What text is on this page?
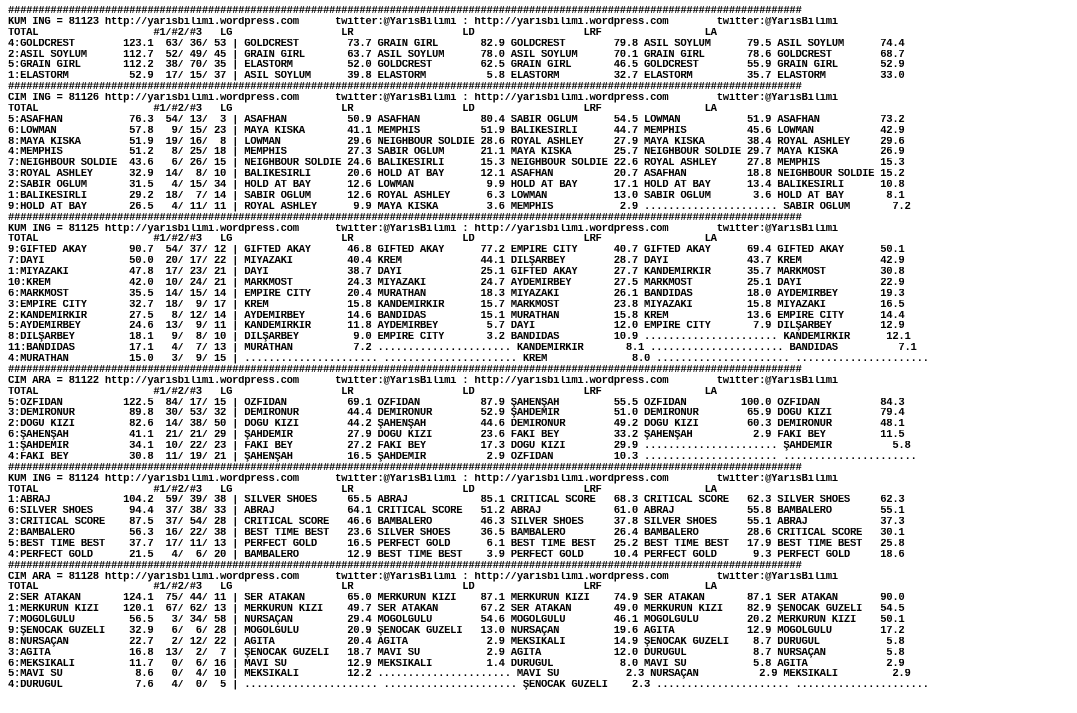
###################################################################################################################################
KUM ING = 81123 http://yarisbilimi.wordpress.com      twitter:@YarisBilimi : http://yarisbilimi.wordpress.com        twitter:@YarisBilimi
TOTAL                   #1/#2/#3   LG                  LR                  LD                  LRF                 LA
4:GOLDCREST        123.1  63/ 36/ 53 | GOLDCREST        73.7 GRAIN GIRL       82.9 GOLDCREST        79.8 ASIL SOYLUM      79.5 ASIL SOYLUM      74.4
2:ASIL SOYLUM      112.7  52/ 49/ 45 | GRAIN GIRL       63.7 ASIL SOYLUM      78.0 ASIL SOYLUM      70.1 GRAIN GIRL       78.6 GOLDCREST        68.7
5:GRAIN GIRL       112.2  38/ 70/ 35 | ELASTORM         52.0 GOLDCREST        62.5 GRAIN GIRL       46.5 GOLDCREST        55.9 GRAIN GIRL       52.9
1:ELASTORM          52.9  17/ 15/ 37 | ASIL SOYLUM      39.8 ELASTORM          5.8 ELASTORM         32.7 ELASTORM         35.7 ELASTORM         33.0
###################################################################################################################################
CIM ING = 81126 http://yarisbilimi.wordpress.com      twitter:@YarisBilimi : http://yarisbilimi.wordpress.com        twitter:@YarisBilimi
TOTAL                   #1/#2/#3   LG                  LR                  LD                  LRF                 LA
5:ASAFHAN           76.3  54/ 13/  3 | ASAFHAN          50.9 ASAFHAN          80.4 SABIR OĞLUM      54.5 LOWMAN           51.9 ASAFHAN          73.2
6:LOWMAN            57.8   9/ 15/ 23 | MAYA KISKA       41.1 MEMPHIS          51.9 BALIKESİRLİ      44.7 MEMPHIS          45.6 LOWMAN           42.9
8:MAYA KISKA        51.9  19/ 16/  8 | LOWMAN           29.6 NEIGHBOUR SOLDIE 28.6 ROYAL ASHLEY     27.9 MAYA KISKA       38.4 ROYAL ASHLEY     29.6
4:MEMPHIS           51.2   8/ 25/ 18 | MEMPHIS          27.3 SABIR OĞLUM      21.1 MAYA KISKA       25.7 NEIGHBOUR SOLDIE 29.7 MAYA KISKA       26.9
7:NEIGHBOUR SOLDIE  43.6   6/ 26/ 15 | NEIGHBOUR SOLDIE 24.6 BALIKESİRLİ      15.3 NEIGHBOUR SOLDIE 22.6 ROYAL ASHLEY     27.8 MEMPHIS          15.3
3:ROYAL ASHLEY      32.9  14/  8/ 10 | BALIKESİRLİ      20.6 HOLD AT BAY      12.1 ASAFHAN          20.7 ASAFHAN          18.8 NEIGHBOUR SOLDIE 15.2
2:SABIR OĞLUM       31.5   4/ 15/ 34 | HOLD AT BAY      12.6 LOWMAN            9.9 HOLD AT BAY      17.1 HOLD AT BAY      13.4 BALIKESİRLİ      10.8
1:BALIKESİRLİ       29.2  18/  7/ 14 | SABIR OĞLUM      12.6 ROYAL ASHLEY      6.3 LOWMAN           13.0 SABIR OĞLUM       3.6 HOLD AT BAY       8.1
9:HOLD AT BAY       26.5   4/ 11/ 11 | ROYAL ASHLEY      9.9 MAYA KISKA        3.6 MEMPHIS           2.9 ...................... SABIR OĞLUM       7.2
###################################################################################################################################
KUM ING = 81125 http://yarisbilimi.wordpress.com      twitter:@YarisBilimi : http://yarisbilimi.wordpress.com        twitter:@YarisBilimi
TOTAL                   #1/#2/#3   LG                  LR                  LD                  LRF                 LA
9:GIFTED AKAY       90.7  54/ 37/ 12 | GIFTED AKAY      46.8 GIFTED AKAY      77.2 EMPIRE CITY      40.7 GIFTED AKAY      69.4 GIFTED AKAY      50.1
7:DAYI              50.0  20/ 17/ 22 | MIYAZAKİ         40.4 KREM             44.1 DİLŞARBEY        28.7 DAYI             43.7 KREM             42.9
1:MIYAZAKİ          47.8  17/ 23/ 21 | DAYI             38.7 DAYI             25.1 GIFTED AKAY      27.7 KANDEMİRKIR      35.7 MARKMOST         30.8
10:KREM             42.0  10/ 24/ 21 | MARKMOST         24.3 MIYAZAKİ         24.7 AYDEMİRBEY       27.5 MARKMOST         25.1 DAYI             22.9
6:MARKMOST          35.5  14/ 15/ 14 | EMPIRE CITY      20.4 MURATHAN         18.3 MIYAZAKİ         26.1 BANDIDAS         18.0 AYDEMİRBEY       19.3
3:EMPIRE CITY       32.7  18/  9/ 17 | KREM             15.8 KANDEMİRKIR      15.7 MARKMOST         23.8 MIYAZAKİ         15.8 MIYAZAKİ         16.5
2:KANDEMİRKIR       27.5   8/ 12/ 14 | AYDEMİRBEY       14.6 BANDIDAS         15.1 MURATHAN         15.8 KREM             13.6 EMPIRE CITY      14.4
5:AYDEMİRBEY        24.6  13/  9/ 11 | KANDEMİRKIR      11.8 AYDEMİRBEY        5.7 DAYI             12.0 EMPIRE CITY       7.9 DİLŞARBEY        12.9
8:DİLŞARBEY         18.1   9/  8/ 10 | DİLŞARBEY         9.0 EMPIRE CITY       3.2 BANDIDAS         10.9 ...................... KANDEMİRKIR      12.1
11:BANDIDAS         17.1   4/  7/ 13 | MURATHAN          7.2 ...................... KANDEMİRKIR       8.1 ...................... BANDIDAS          7.1
4:MURATHAN          15.0   3/  9/ 15 | ...................... ...................... KREM              8.0 ...................... ......................
###################################################################################################################################
CIM ARA = 81122 http://yarisbilimi.wordpress.com      twitter:@YarisBilimi : http://yarisbilimi.wordpress.com        twitter:@YarisBilimi
TOTAL                   #1/#2/#3   LG                  LR                  LD                  LRF                 LA
5:ÖZFİDAN          122.5  84/ 17/ 15 | ÖZFİDAN          69.1 ÖZFİDAN          87.9 ŞAHENŞAH         55.5 ÖZFİDAN         100.0 ÖZFİDAN          84.3
3:DEMİRONUR         89.8  30/ 53/ 32 | DEMİRONUR        44.4 DEMİRONUR        52.9 ŞAHDEMİR         51.0 DEMİRONUR        65.9 DOĞU KIZI        79.4
2:DOĞU KIZI         82.6  14/ 38/ 50 | DOĞU KIZI        44.2 ŞAHENŞAH         44.6 DEMİRONUR        49.2 DOĞU KIZI        60.3 DEMİRONUR        48.1
6:ŞAHENŞAH          41.1  21/ 21/ 29 | ŞAHDEMİR         27.9 DOĞU KIZI        23.6 FAKI BEY         33.2 ŞAHENŞAH          2.9 FAKI BEY         11.5
1:ŞAHDEMİR          34.1  10/ 22/ 23 | FAKI BEY         27.2 FAKI BEY         17.3 DOĞU KIZI        29.9 ...................... ŞAHDEMİR          5.8
4:FAKI BEY          30.8  11/ 19/ 21 | ŞAHENŞAH         16.5 ŞAHDEMİR          2.9 ÖZFİDAN          10.3 ...................... ......................
###################################################################################################################################
KUM ING = 81124 http://yarisbilimi.wordpress.com      twitter:@YarisBilimi : http://yarisbilimi.wordpress.com        twitter:@YarisBilimi
TOTAL                   #1/#2/#3   LG                  LR                  LD                  LRF                 LA
1:ABRAJ            104.2  59/ 39/ 38 | SILVER SHOES     65.5 ABRAJ            85.1 CRITICAL SCORE   68.3 CRITICAL SCORE   62.3 SILVER SHOES     62.3
6:SILVER SHOES      94.4  37/ 38/ 33 | ABRAJ            64.1 CRITICAL SCORE   51.2 ABRAJ            61.0 ABRAJ            55.8 BAMBALERO        55.1
3:CRITICAL SCORE    87.5  37/ 54/ 28 | CRITICAL SCORE   46.6 BAMBALERO        46.3 SILVER SHOES     37.8 SILVER SHOES     55.1 ABRAJ            37.3
2:BAMBALERO         56.3  16/ 22/ 38 | BEST TIME BEST   23.6 SILVER SHOES     36.5 BAMBALERO        26.4 BAMBALERO        28.6 CRITICAL SCORE   30.1
5:BEST TIME BEST    37.7  17/ 11/ 13 | PERFECT GOLD     16.5 PERFECT GOLD      6.1 BEST TIME BEST   25.2 BEST TIME BEST   17.9 BEST TIME BEST   25.8
4:PERFECT GOLD      21.5   4/  6/ 20 | BAMBALERO        12.9 BEST TIME BEST    3.9 PERFECT GOLD     10.4 PERFECT GOLD      9.3 PERFECT GOLD     18.6
###################################################################################################################################
CIM ARA = 81128 http://yarisbilimi.wordpress.com      twitter:@YarisBilimi : http://yarisbilimi.wordpress.com        twitter:@YarisBilimi
TOTAL                   #1/#2/#3   LG                  LR                  LD                  LRF                 LA
2:SER ATAKAN       124.1  75/ 44/ 11 | SER ATAKAN       65.0 MERKÜRÜN KIZI    87.1 MERKÜRÜN KIZI    74.9 SER ATAKAN       87.1 SER ATAKAN       90.0
1:MERKÜRÜN KIZI    120.1  67/ 62/ 13 | MERKÜRÜN KIZI    49.7 SER ATAKAN       67.2 SER ATAKAN       49.0 MERKÜRÜN KIZI    82.9 ŞENOCAK GÜZELİ   54.5
7:MOĞOLGÜLÜ         56.5   3/ 34/ 58 | NURSAÇAN         29.4 MOĞOLGÜLÜ        54.6 MOĞOLGÜLÜ        46.1 MOĞOLGÜLÜ        20.2 MERKÜRÜN KIZI    50.1
9:ŞENOCAK GÜZELİ    32.9   6/  6/ 28 | MOĞOLGÜLÜ        20.9 ŞENOCAK GÜZELİ   13.0 NURSAÇAN         19.6 AĞITA            12.9 MOĞOLGÜLÜ        17.2
8:NURSAÇAN          22.7   2/ 12/ 22 | AĞITA            20.4 AĞITA             2.9 MEKSİKALI        14.9 ŞENOCAK GÜZELİ    8.7 DURUGÜL           5.8
3:AĞITA             16.8  13/  2/  7 | ŞENOCAK GÜZELİ   18.7 MAVİ SU           2.9 AĞITA            12.0 DURUGÜL           8.7 NURSAÇAN          5.8
6:MEKSİKALI         11.7   0/  6/ 16 | MAVİ SU          12.9 MEKSİKALI         1.4 DURUGÜL           8.0 MAVİ SU           5.8 AĞITA             2.9
5:MAVİ SU            8.6   0/  4/ 10 | MEKSİKALI        12.2 ...................... MAVİ SU           2.3 NURSAÇAN          2.9 MEKSİKALI         2.9
4:DURUGÜL            7.6   4/  0/  5 | ...................... ...................... ŞENOCAK GÜZELİ    2.3 ...................... ......................
